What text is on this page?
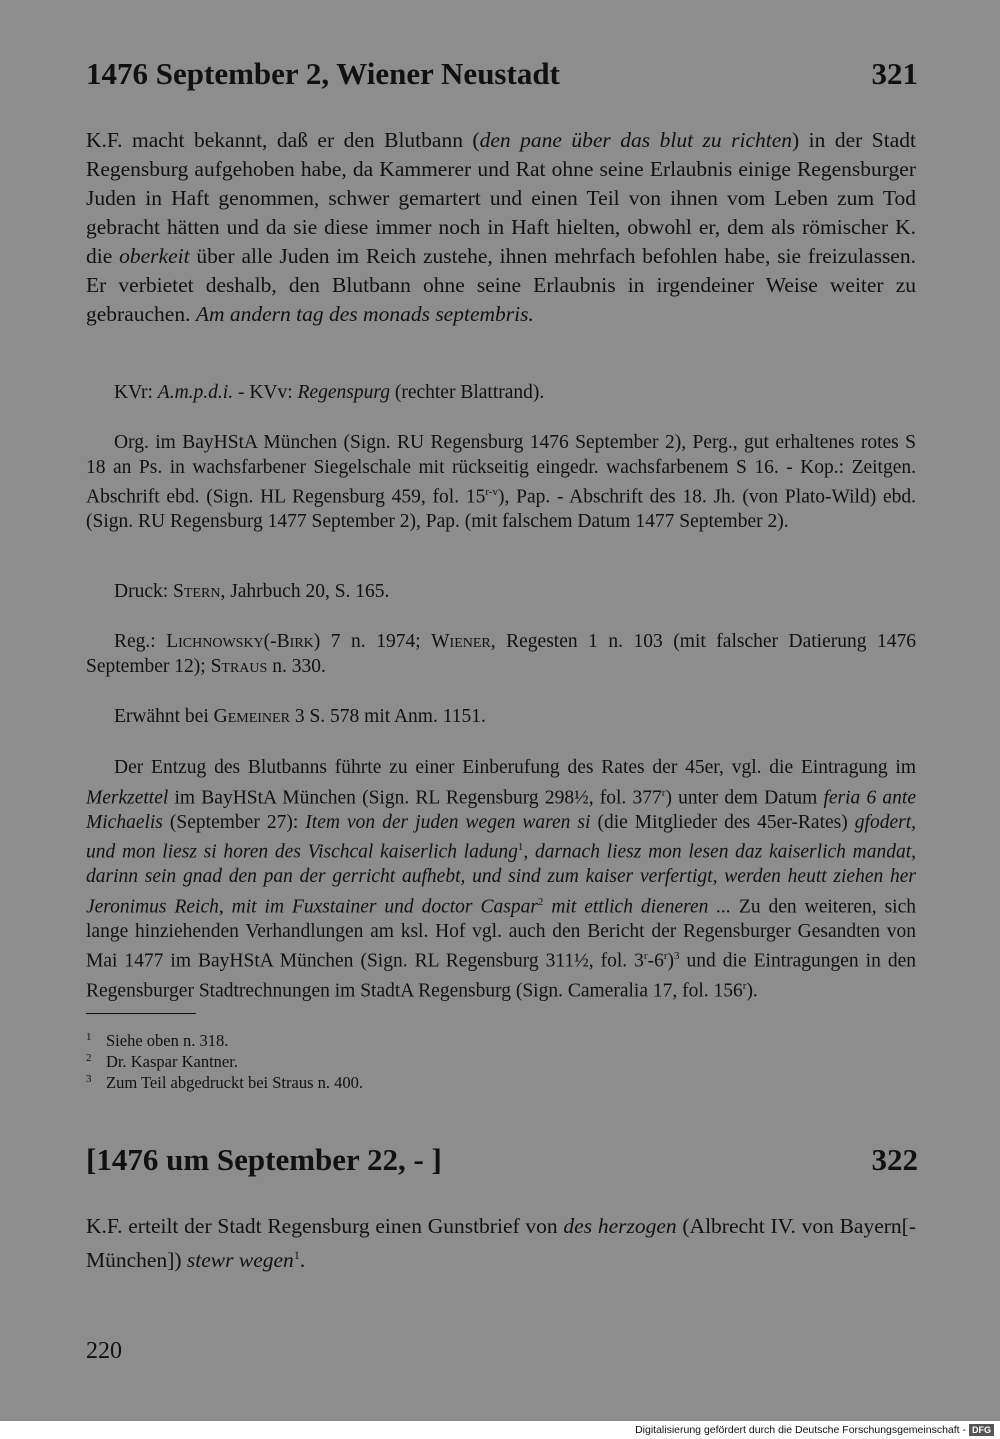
1476 September 2, Wiener Neustadt	321

K.F. macht bekannt, daß er den Blutbann (den pane über das blut zu richten) in der Stadt Regensburg aufgehoben habe, da Kammerer und Rat ohne seine Erlaubnis einige Regensburger Juden in Haft genommen, schwer gemartert und einen Teil von ihnen vom Leben zum Tod gebracht hätten und da sie diese immer noch in Haft hielten, obwohl er, dem als römischer K. die oberkeit über alle Juden im Reich zustehe, ihnen mehrfach befohlen habe, sie freizulassen. Er verbietet deshalb, den Blutbann ohne seine Erlaubnis in irgendeiner Weise weiter zu gebrauchen. Am andern tag des monads septembris.

KVr: A.m.p.d.i. - KVv: Regenspurg (rechter Blattrand).

Org. im BayHStA München (Sign. RU Regensburg 1476 September 2), Perg., gut erhaltenes rotes S 18 an Ps. in wachsfarbener Siegelschale mit rückseitig eingedr. wachsfarbenem S 16. - Kop.: Zeitgen. Abschrift ebd. (Sign. HL Regensburg 459, fol. 15$^{r-v}$), Pap. - Abschrift des 18. Jh. (von Plato-Wild) ebd. (Sign. RU Regensburg 1477 September 2), Pap. (mit falschem Datum 1477 September 2).

Druck: Stern, Jahrbuch 20, S. 165.

Reg.: Lichnowsky(-Birk) 7 n. 1974; Wiener, Regesten 1 n. 103 (mit falscher Datierung 1476 September 12); Straus n. 330.

Erwähnt bei Gemeiner 3 S. 578 mit Anm. 1151.

Der Entzug des Blutbanns führte zu einer Einberufung des Rates der 45er, vgl. die Eintragung im Merkzettel im BayHStA München (Sign. RL Regensburg 298½, fol. 377$^r$) unter dem Datum feria 6 ante Michaelis (September 27): Item von der juden wegen waren si (die Mitglieder des 45er-Rates) gfodert, und mon liesz si horen des Vischcal kaiserlich ladung$^1$, darnach liesz mon lesen daz kaiserlich mandat, darinn sein gnad den pan der gerricht aufhebt, und sind zum kaiser verfertigt, werden heutt ziehen her Jeronimus Reich, mit im Fuxstainer und doctor Caspar$^2$ mit ettlich dieneren ... Zu den weiteren, sich lange hinziehenden Verhandlungen am ksl. Hof vgl. auch den Bericht der Regensburger Gesandten von Mai 1477 im BayHStA München (Sign. RL Regensburg 311½, fol. 3$^r$-6$^r$)$^3$ und die Eintragungen in den Regensburger Stadtrechnungen im StadtA Regensburg (Sign. Cameralia 17, fol. 156$^r$).

1 Siehe oben n. 318.
2 Dr. Kaspar Kantner.
3 Zum Teil abgedruckt bei Straus n. 400.
[1476 um September 22, - ]	322

K.F. erteilt der Stadt Regensburg einen Gunstbrief von des herzogen (Albrecht IV. von Bayern[-München]) stewr wegen$^1$.

220
Digitalisierung gefördert durch die Deutsche Forschungsgemeinschaft - DFG
